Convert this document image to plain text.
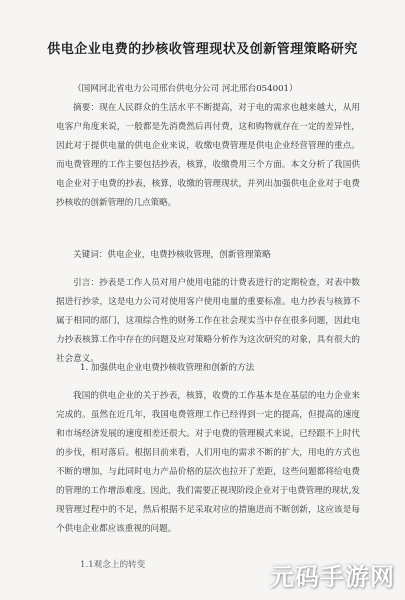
供电企业电费的抄核收管理现状及创新管理策略研究
（国网河北省电力公司邢台供电分公司 河北邢台054001）
摘要：现在人民群众的生活水平不断提高，对于电的需求也越来越大，从用电客户角度来说，一般都是先消费然后再付费，这和购物就存在一定的差异性，因此对于提供电量的供电企业来说，收缴电费管理是供电企业经营管理的重点。而电费管理的工作主要包括抄表，核算，收缴费用三个方面。本文分析了我国供电企业对于电费的抄表，核算，收缴的管理现状，并列出加强供电企业对于电费抄核收的创新管理的几点策略。
关键词：供电企业，电费抄核收管理，创新管理策略
引言：抄表是工作人员对用户使用电能的计费表进行的定期检查，对表中数据进行抄录，这是电力公司对使用客户使用电量的重要标准。电力抄表与核算不属于相同的部门，这项综合性的财务工作在社会现实当中存在很多问题，因此电力抄表核算工作中存在的问题及应对策略分析作为这次研究的对象，具有很大的社会意义。
1. 加强供电企业电费抄核收管理和创新的方法
我国的供电企业的关于抄表，核算，收费的工作基本是在基层的电力企业来完成的。虽然在近几年，我国电费管理工作已经得到一定的提高，但提高的速度和市场经济发展的速度相差还很大。对于电费的管理模式来说，已经跟不上时代的步伐，相对落后。根据目前来看，人们用电的需求不断的扩大，用电的方式也不断的增加，与此同时电力产品价格的层次也拉开了差距，这些问题都将给电费的管理的工作增添难度。因此，我们需要正视现阶段企业对于电费管理的现状,发现管理过程中的不足，然后根据不足采取对应的措施进而不断创新，这应该是每个供电企业都应该重视的问题。
1.1观念上的转变	元码手游网
